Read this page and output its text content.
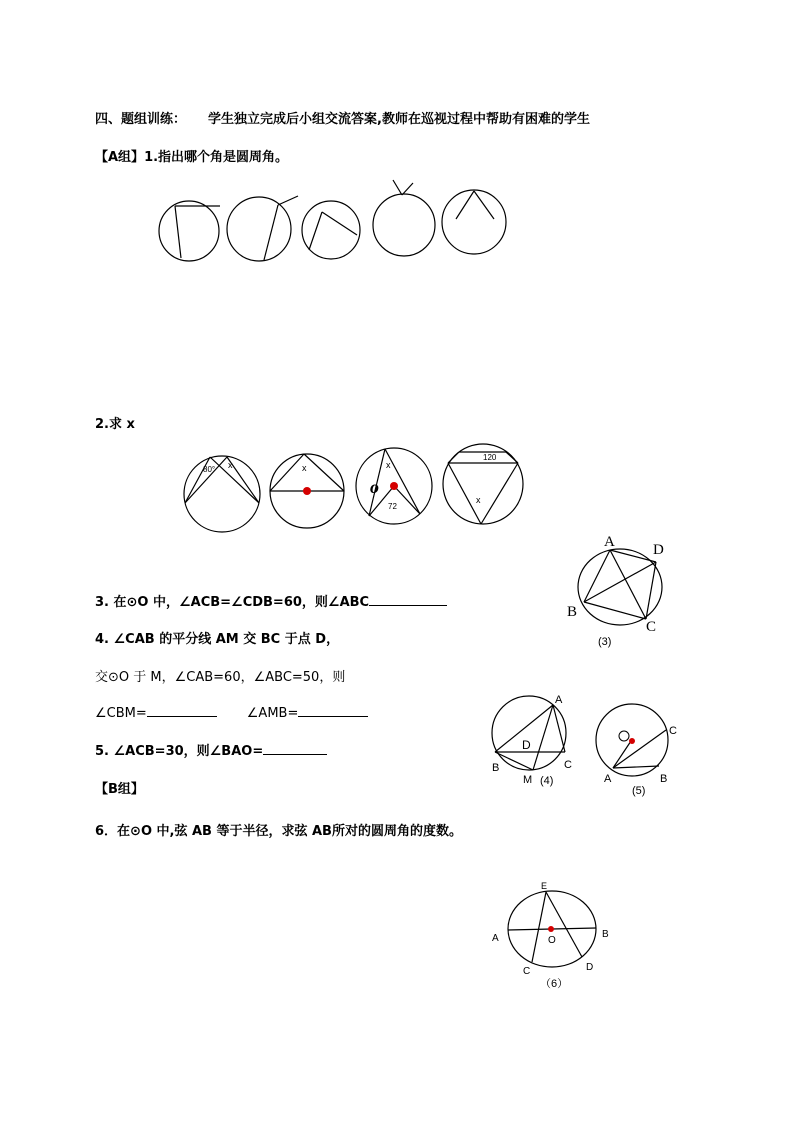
四、题组训练： 学生独立完成后小组交流答案,教师在巡视过程中帮助有困难的学生
【A组】1.指出哪个角是圆周角。
2.求 x
3. 在⊙O 中，∠ACB=∠CDB=60，则∠ABC
4. ∠CAB 的平分线 AM 交 BC 于点 D，
交⊙O 于 M，∠CAB=60，∠ABC=50，则
∠CBM=	∠AMB=
5. ∠ACB=30，则∠BAO=
【B组】
6．在⊙O 中,弦 AB 等于半径，求弦 AB所对的圆周角的度数。
80° x	x
o
x
72
120
x
A	D
B
C
(3)
A
D
B	C
M (4)
C
A	B
(5)
E
A	B
O
C	D
（6）
